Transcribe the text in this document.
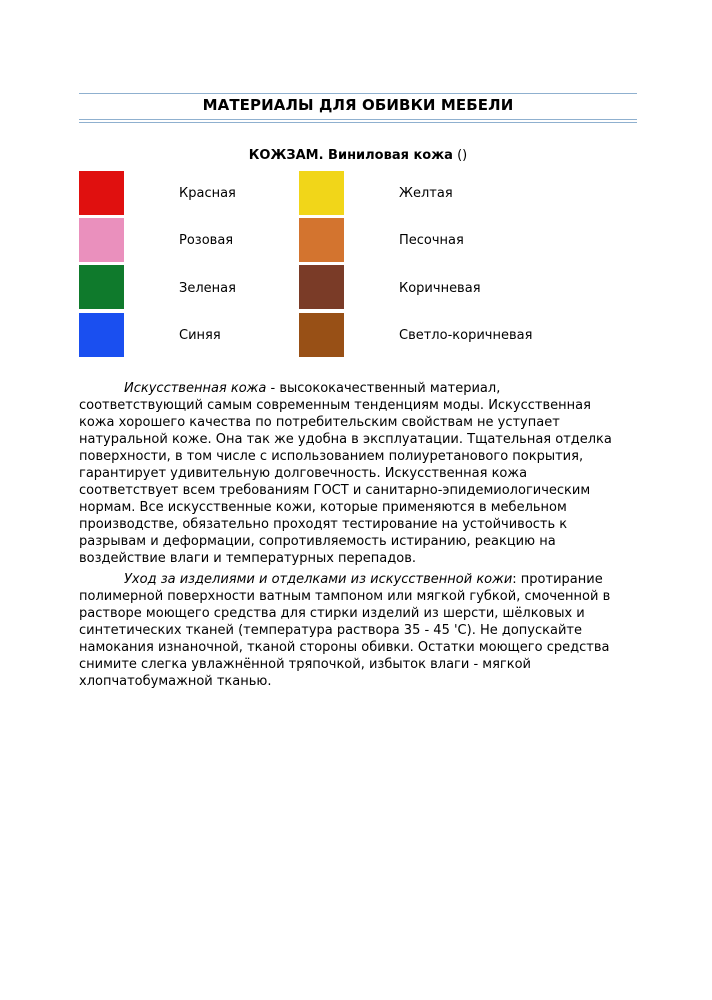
МАТЕРИАЛЫ ДЛЯ ОБИВКИ МЕБЕЛИ

КОЖЗАМ. Виниловая кожа ()

Красная
Розовая
Зеленая
Синяя
Желтая
Песочная
Коричневая
Светло-коричневая

Искусственная кожа - высококачественный материал, соответствующий самым современным тенденциям моды. Искусственная кожа хорошего качества по потребительским свойствам не уступает натуральной коже. Она так же удобна в эксплуатации. Тщательная отделка поверхности, в том числе с использованием полиуретанового покрытия, гарантирует удивительную долговечность. Искусственная кожа соответствует всем требованиям ГОСТ и санитарно-эпидемиологическим нормам. Все искусственные кожи, которые применяются в мебельном производстве, обязательно проходят тестирование на устойчивость к разрывам и деформации, сопротивляемость истиранию, реакцию на воздействие влаги и температурных перепадов.

Уход за изделиями и отделками из искусственной кожи: протирание полимерной поверхности ватным тампоном или мягкой губкой, смоченной в растворе моющего средства для стирки изделий из шерсти, шёлковых и синтетических тканей (температура раствора 35 - 45 'C). Не допускайте намокания изнаночной, тканой стороны обивки. Остатки моющего средства снимите слегка увлажнённой тряпочкой, избыток влаги - мягкой хлопчатобумажной тканью.
